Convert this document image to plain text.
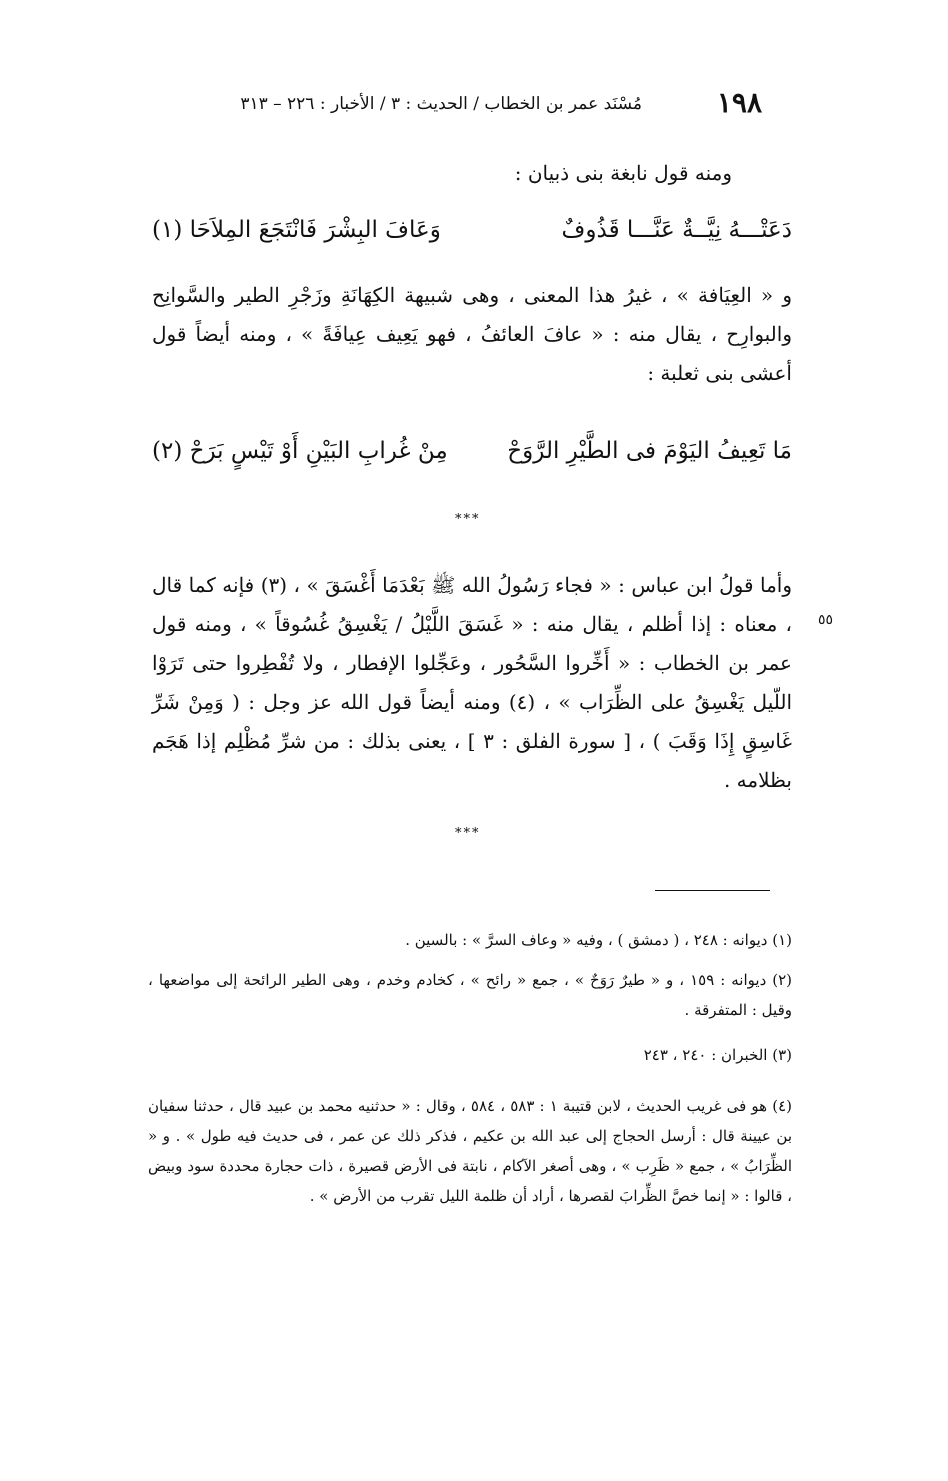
١٩٨
مُسْنَد عمر بن الخطاب / الحديث : ٣ / الأخبار : ٢٢٦ – ٣١٣
ومنه قول نابغة بنى ذبيان :
دَعَتْـــهُ نِيَّــةٌ عَنَّـــا قَذُوفٌ
وَعَافَ البِشْرَ فَانْتَجَعَ المِلاَحَا (١)
و « العِيَافة » ، غيرُ هذا المعنى ، وهى شبيهة الكِهَانَةِ وزَجْرِ الطير والسَّوانِح والبوارِح ، يقال منه : « عافَ العائفُ ، فهو يَعِيف عِيافَةً » ، ومنه أيضاً قول أعشى بنى ثعلبة :
مَا تَعِيفُ اليَوْمَ فى الطَّيْرِ الرَّوَحْ
مِنْ غُرابِ البَيْنِ أَوْ تَيْسٍ بَرَحْ (٢)
***
وأما قولُ ابن عباس : « فجاء رَسُولُ الله ﷺ بَعْدَمَا أَغْسَقَ » ، (٣) فإنه كما قال ، معناه : إذا أظلم ، يقال منه : « غَسَقَ اللَّيْلُ / يَغْسِقُ غُسُوقاً » ، ومنه قول عمر بن الخطاب : « أَخِّروا السَّحُور ، وعَجِّلوا الإفطار ، ولا تُفْطِروا حتى تَرَوْا اللّيل يَغْسِقُ على الظِّرَاب » ، (٤) ومنه أيضاً قول الله عز وجل : ( وَمِنْ شَرِّ غَاسِقٍ إِذَا وَقَبَ ) ، [ سورة الفلق : ٣ ] ، يعنى بذلك : من شرِّ مُظْلِم إذا هَجَم بظلامه .
٥٥
***
(١) ديوانه : ٢٤٨ ، ( دمشق ) ، وفيه « وعاف السرَّ » : بالسين .
(٢) ديوانه : ١٥٩ ، و « طيرٌ رَوَحٌ » ، جمع « رائح » ، كخادم وخدم ، وهى الطير الرائحة إلى مواضعها ، وقيل : المتفرقة .
(٣) الخبران : ٢٤٠ ، ٢٤٣
(٤) هو فى غريب الحديث ، لابن قتيبة ١ : ٥٨٣ ، ٥٨٤ ، وقال : « حدثنيه محمد بن عبيد قال ، حدثنا سفيان بن عيينة قال : أرسل الحجاج إلى عبد الله بن عكيم ، فذكر ذلك عن عمر ، فى حديث فيه طول » . و « الظِّرَابُ » ، جمع « ظَرِب » ، وهى أصغر الآكام ، نابتة فى الأرض قصيرة ، ذات حجارة محددة سود وبيض ، قالوا : « إنما خصَّ الظِّرابَ لقصرها ، أراد أن ظلمة الليل تقرب من الأرض » .
